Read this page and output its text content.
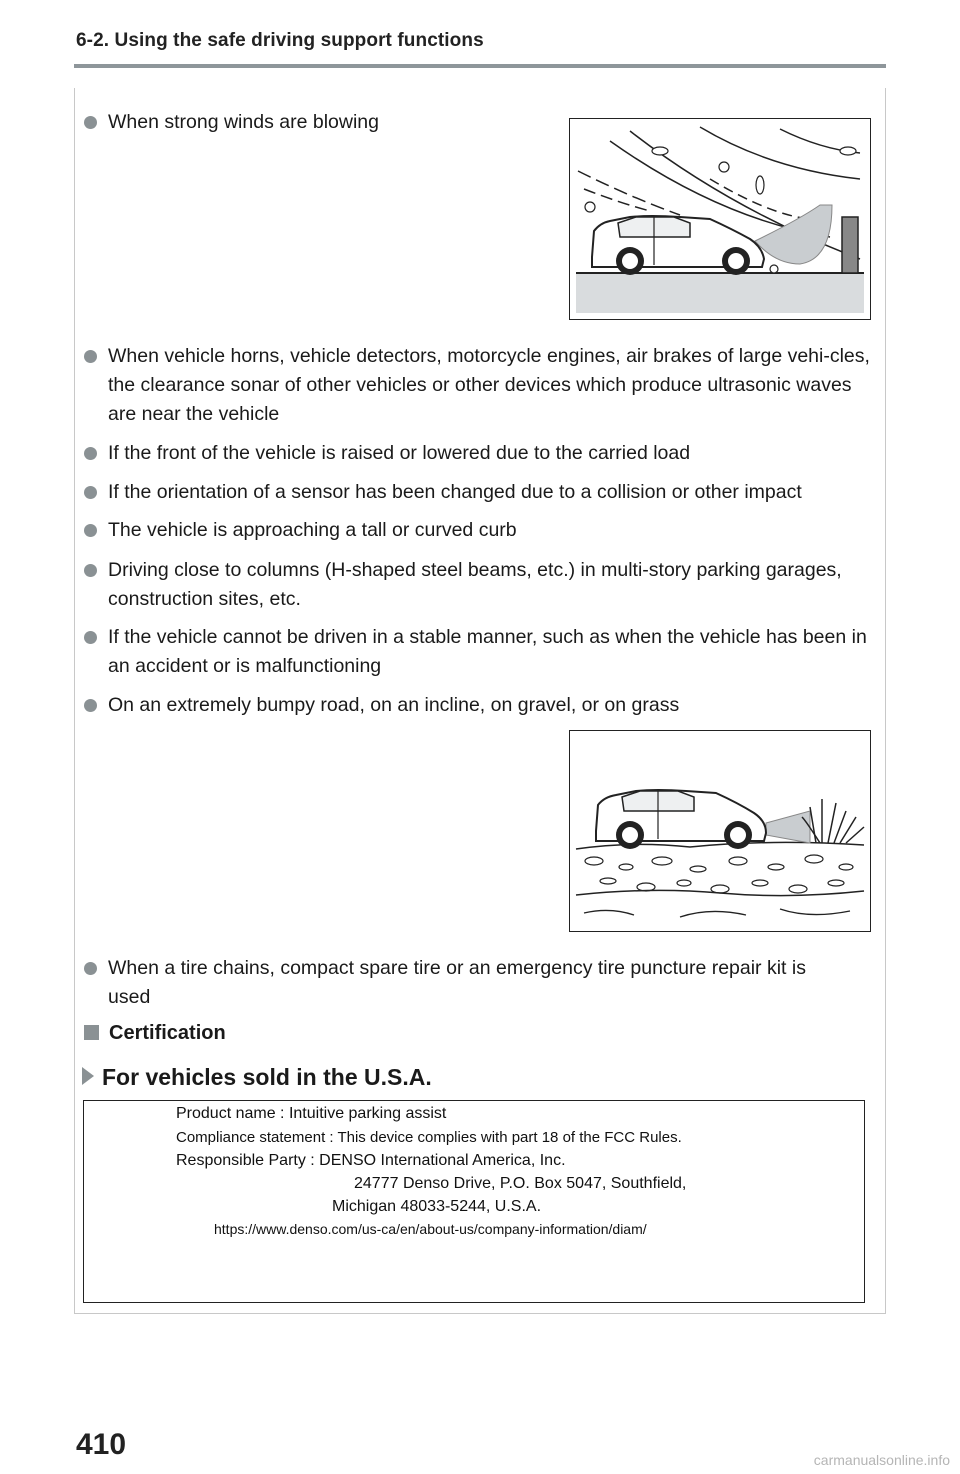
6-2. Using the safe driving support functions
When strong winds are blowing
When vehicle horns, vehicle detectors, motorcycle engines, air brakes of large vehi-cles, the clearance sonar of other vehicles or other devices which produce ultrasonic waves are near the vehicle
If the front of the vehicle is raised or lowered due to the carried load
If the orientation of a sensor has been changed due to a collision or other impact
The vehicle is approaching a tall or curved curb
Driving close to columns (H-shaped steel beams, etc.) in multi-story parking garages, construction sites, etc.
If the vehicle cannot be driven in a stable manner, such as when the vehicle has been in an accident or is malfunctioning
On an extremely bumpy road, on an incline, on gravel, or on grass
When a tire chains, compact spare tire or an emergency tire puncture repair kit is used
Certification
For vehicles sold in the U.S.A.
Product name : Intuitive parking assist
Compliance statement : This device complies with part 18 of the FCC Rules.
Responsible Party : DENSO International America, Inc.
24777 Denso Drive, P.O. Box 5047, Southfield,
Michigan 48033-5244, U.S.A.
https://www.denso.com/us-ca/en/about-us/company-information/diam/
410	carmanualsonline.info
